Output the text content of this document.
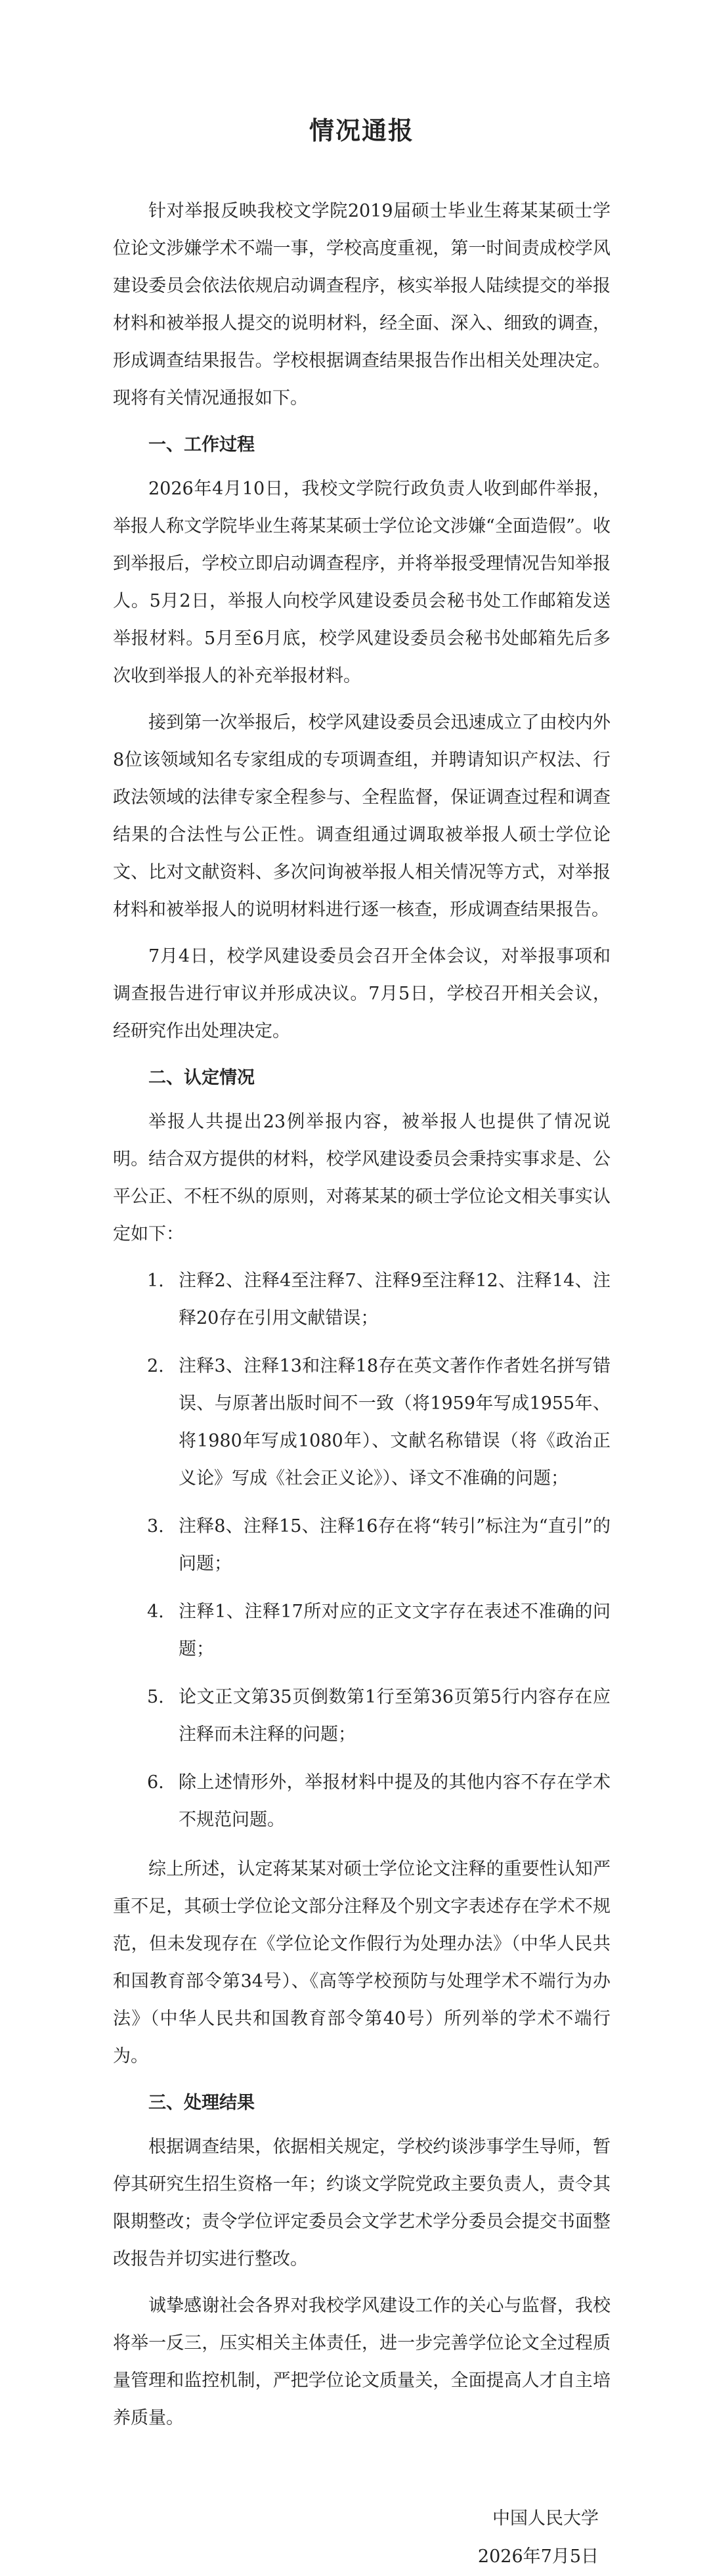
情况通报

针对举报反映我校文学院2019届硕士毕业生蒋某某硕士学位论文涉嫌学术不端一事，学校高度重视，第一时间责成校学风建设委员会依法依规启动调查程序，核实举报人陆续提交的举报材料和被举报人提交的说明材料，经全面、深入、细致的调查，形成调查结果报告。学校根据调查结果报告作出相关处理决定。现将有关情况通报如下。

一、工作过程

2026年4月10日，我校文学院行政负责人收到邮件举报，举报人称文学院毕业生蒋某某硕士学位论文涉嫌“全面造假”。收到举报后，学校立即启动调查程序，并将举报受理情况告知举报人。5月2日，举报人向校学风建设委员会秘书处工作邮箱发送举报材料。5月至6月底，校学风建设委员会秘书处邮箱先后多次收到举报人的补充举报材料。

接到第一次举报后，校学风建设委员会迅速成立了由校内外8位该领域知名专家组成的专项调查组，并聘请知识产权法、行政法领域的法律专家全程参与、全程监督，保证调查过程和调查结果的合法性与公正性。调查组通过调取被举报人硕士学位论文、比对文献资料、多次问询被举报人相关情况等方式，对举报材料和被举报人的说明材料进行逐一核查，形成调查结果报告。

7月4日，校学风建设委员会召开全体会议，对举报事项和调查报告进行审议并形成决议。7月5日，学校召开相关会议，经研究作出处理决定。

二、认定情况

举报人共提出23例举报内容，被举报人也提供了情况说明。结合双方提供的材料，校学风建设委员会秉持实事求是、公平公正、不枉不纵的原则，对蒋某某的硕士学位论文相关事实认定如下：

1. 注释2、注释4至注释7、注释9至注释12、注释14、注释20存在引用文献错误；
2. 注释3、注释13和注释18存在英文著作作者姓名拼写错误、与原著出版时间不一致（将1959年写成1955年、将1980年写成1080年）、文献名称错误（将《政治正义论》写成《社会正义论》）、译文不准确的问题；
3. 注释8、注释15、注释16存在将“转引”标注为“直引”的问题；
4. 注释1、注释17所对应的正文文字存在表述不准确的问题；
5. 论文正文第35页倒数第1行至第36页第5行内容存在应注释而未注释的问题；
6. 除上述情形外，举报材料中提及的其他内容不存在学术不规范问题。

综上所述，认定蒋某某对硕士学位论文注释的重要性认知严重不足，其硕士学位论文部分注释及个别文字表述存在学术不规范，但未发现存在《学位论文作假行为处理办法》（中华人民共和国教育部令第34号）、《高等学校预防与处理学术不端行为办法》（中华人民共和国教育部令第40号）所列举的学术不端行为。

三、处理结果

根据调查结果，依据相关规定，学校约谈涉事学生导师，暂停其研究生招生资格一年；约谈文学院党政主要负责人，责令其限期整改；责令学位评定委员会文学艺术学分委员会提交书面整改报告并切实进行整改。

诚挚感谢社会各界对我校学风建设工作的关心与监督，我校将举一反三，压实相关主体责任，进一步完善学位论文全过程质量管理和监控机制，严把学位论文质量关，全面提高人才自主培养质量。

中国人民大学
2026年7月5日
